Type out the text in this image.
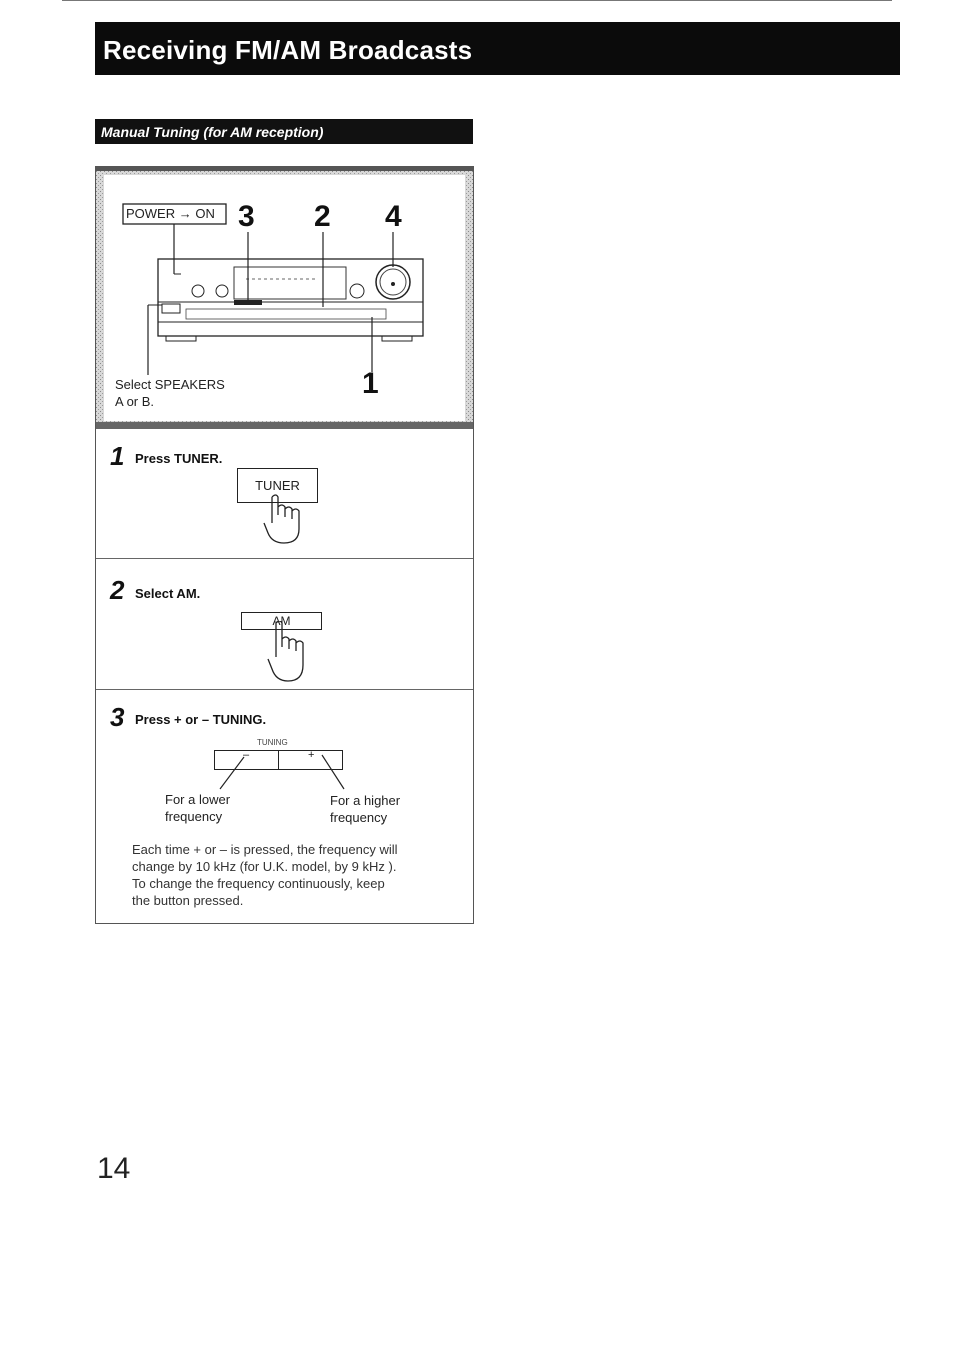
Receiving FM/AM Broadcasts
Manual Tuning (for AM reception)
POWER → ON 3 2 4
1
Select SPEAKERS
A or B.
1 Press TUNER.
TUNER
2 Select AM.
AM
3 Press + or – TUNING.
TUNING
–	+
For a lower
frequency
For a higher
frequency
Each time + or – is pressed, the frequency will
change by 10 kHz (for U.K. model, by 9 kHz ).
To change the frequency continuously, keep
the button pressed.
14
